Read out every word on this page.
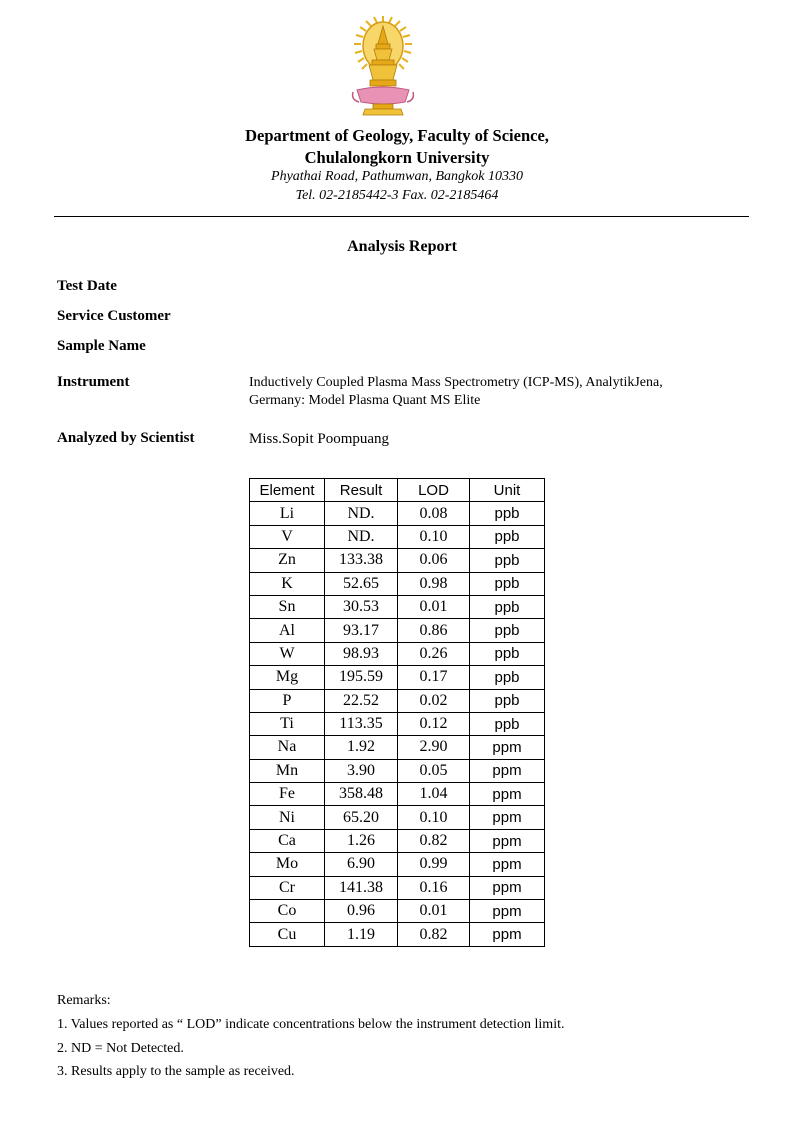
Department of Geology, Faculty of Science,
Chulalongkorn University
Phyathai Road, Pathumwan, Bangkok 10330
Tel. 02-2185442-3 Fax. 02-2185464
Analysis Report
Test Date
Service Customer
Sample Name
Instrument	Inductively Coupled Plasma Mass Spectrometry (ICP-MS), AnalytikJena,
Germany: Model Plasma Quant MS Elite
Analyzed by Scientist	Miss.Sopit Poompuang
Element	Result	LOD	Unit
Li	ND.	0.08	ppb
V	ND.	0.10	ppb
Zn	133.38	0.06	ppb
K	52.65	0.98	ppb
Sn	30.53	0.01	ppb
Al	93.17	0.86	ppb
W	98.93	0.26	ppb
Mg	195.59	0.17	ppb
P	22.52	0.02	ppb
Ti	113.35	0.12	ppb
Na	1.92	2.90	ppm
Mn	3.90	0.05	ppm
Fe	358.48	1.04	ppm
Ni	65.20	0.10	ppm
Ca	1.26	0.82	ppm
Mo	6.90	0.99	ppm
Cr	141.38	0.16	ppm
Co	0.96	0.01	ppm
Cu	1.19	0.82	ppm
Remarks:
1. Values reported as “ LOD” indicate concentrations below the instrument detection limit.
2. ND = Not Detected.
3. Results apply to the sample as received.
